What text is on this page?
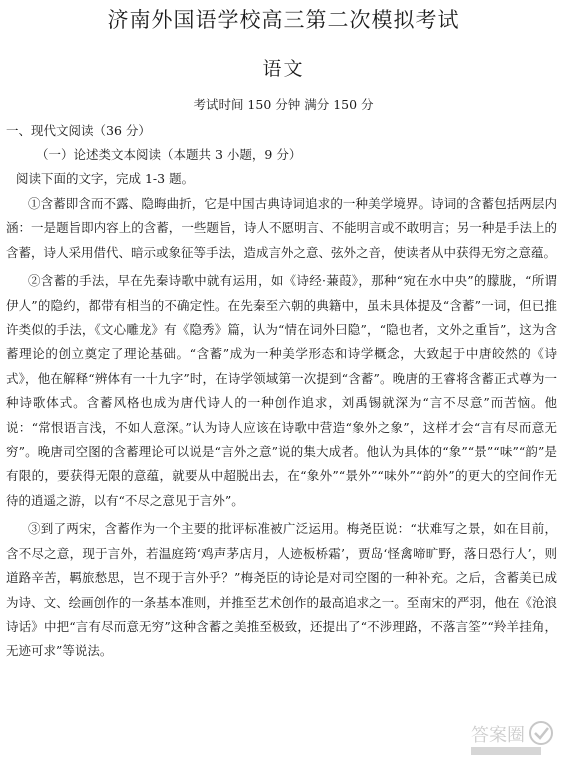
济南外国语学校高三第二次模拟考试
语文
考试时间 150 分钟 满分 150 分
一、现代文阅读（36 分）
（一）论述类文本阅读（本题共 3 小题，9 分）
阅读下面的文字，完成 1-3 题。
①含蓄即含而不露、隐晦曲折，它是中国古典诗词追求的一种美学境界。诗词的含蓄包括两层内涵：一是题旨即内容上的含蓄，一些题旨，诗人不愿明言、不能明言或不敢明言；另一种是手法上的含蓄，诗人采用借代、暗示或象征等手法，造成言外之意、弦外之音，使读者从中获得无穷之意蕴。
②含蓄的手法，早在先秦诗歌中就有运用，如《诗经·蒹葭》，那种“宛在水中央”的朦胧，“所谓伊人”的隐约，都带有相当的不确定性。在先秦至六朝的典籍中，虽未具体提及“含蓄”一词，但已推许类似的手法，《文心雕龙》有《隐秀》篇，认为“情在词外曰隐”，“隐也者，文外之重旨”，这为含蓄理论的创立奠定了理论基础。“含蓄”成为一种美学形态和诗学概念，大致起于中唐皎然的《诗式》，他在解释“辨体有一十九字”时，在诗学领域第一次提到“含蓄”。晚唐的王睿将含蓄正式尊为一种诗歌体式。含蓄风格也成为唐代诗人的一种创作追求，刘禹锡就深为“言不尽意”而苦恼。他说：“常恨语言浅，不如人意深。”认为诗人应该在诗歌中营造“象外之象”，这样才会“言有尽而意无穷”。晚唐司空图的含蓄理论可以说是“言外之意”说的集大成者。他认为具体的“象”“景”“味”“韵”是有限的，要获得无限的意蕴，就要从中超脱出去，在“象外”“景外”“味外”“韵外”的更大的空间作无待的逍遥之游，以有“不尽之意见于言外”。
③到了两宋，含蓄作为一个主要的批评标准被广泛运用。梅尧臣说：“状难写之景，如在目前，含不尽之意，现于言外，若温庭筠‘鸡声茅店月，人迹板桥霜’，贾岛‘怪禽啼旷野，落日恐行人’，则道路辛苦，羁旅愁思，岂不现于言外乎？”梅尧臣的诗论是对司空图的一种补充。之后，含蓄美已成为诗、文、绘画创作的一条基本准则，并推至艺术创作的最高追求之一。至南宋的严羽，他在《沧浪诗话》中把“言有尽而意无穷”这种含蓄之美推至极致，还提出了“不涉理路，不落言筌”“羚羊挂角，无迹可求”等说法。
答案圈
